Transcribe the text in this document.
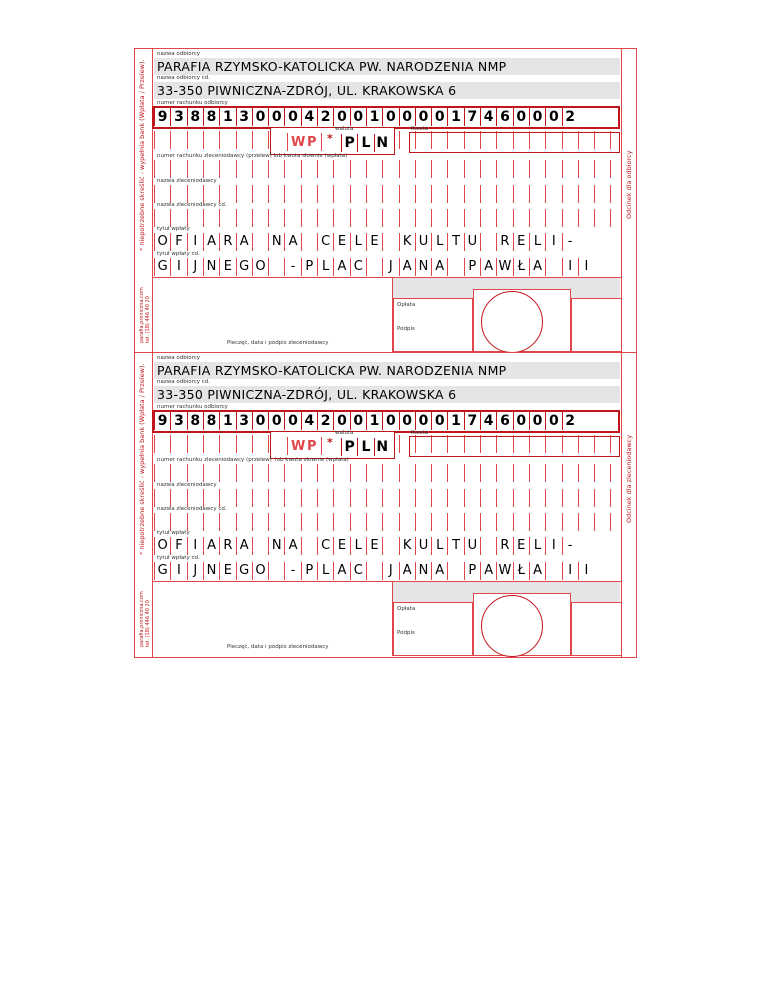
* niepotrzebne skreślić - wypełnia bank (Wpłata / Przelew).
parafia.proniczna.com tel. (18) 446 40 20
Odcinek dla odbiorcy
nazwa odbiorcy
PARAFIA RZYMSKO-KATOLICKA PW. NARODZENIA NMP
nazwa odbiorcy cd.
33-350 PIWNICZNA-ZDRÓJ, UL. KRAKOWSKA 6
numer rachunku odbiorcy
9 3 8 8 1 3 0 0 0 4 2 0 0 1 0 0 0 0 1 7 4 6 0 0 0 2
W P *
waluta
P L N
Kwota
numer rachunku zleceniodawcy (przelew) lub kwota słownie (wpłata)
nazwa zleceniodawcy
nazwa zleceniodawcy cd.
tytuł wpłaty
O F I A R A N A	C E L E	K U L T U	R E L I -
tytuł wpłaty cd.
G I J N E G O	- P L A C	J A N A	P A W Ł A	I I
Opłata
Podpis
Pieczęć, data i podpis zleceniodawcy
* niepotrzebne skreślić - wypełnia bank (Wpłata / Przelew).
parafia.proniczna.com tel. (18) 446 40 20
Odcinek dla zleceniodawcy
nazwa odbiorcy
PARAFIA RZYMSKO-KATOLICKA PW. NARODZENIA NMP
nazwa odbiorcy cd.
33-350 PIWNICZNA-ZDRÓJ, UL. KRAKOWSKA 6
numer rachunku odbiorcy
9 3 8 8 1 3 0 0 0 4 2 0 0 1 0 0 0 0 1 7 4 6 0 0 0 2
W P *
waluta
P L N
Kwota
numer rachunku zleceniodawcy (przelew) lub kwota słownie (wpłata)
nazwa zleceniodawcy
nazwa zleceniodawcy cd.
tytuł wpłaty
O F I A R A N A	C E L E	K U L T U	R E L I -
tytuł wpłaty cd.
G I J N E G O	- P L A C	J A N A	P A W Ł A	I I
Opłata
Podpis
Pieczęć, data i podpis zleceniodawcy
